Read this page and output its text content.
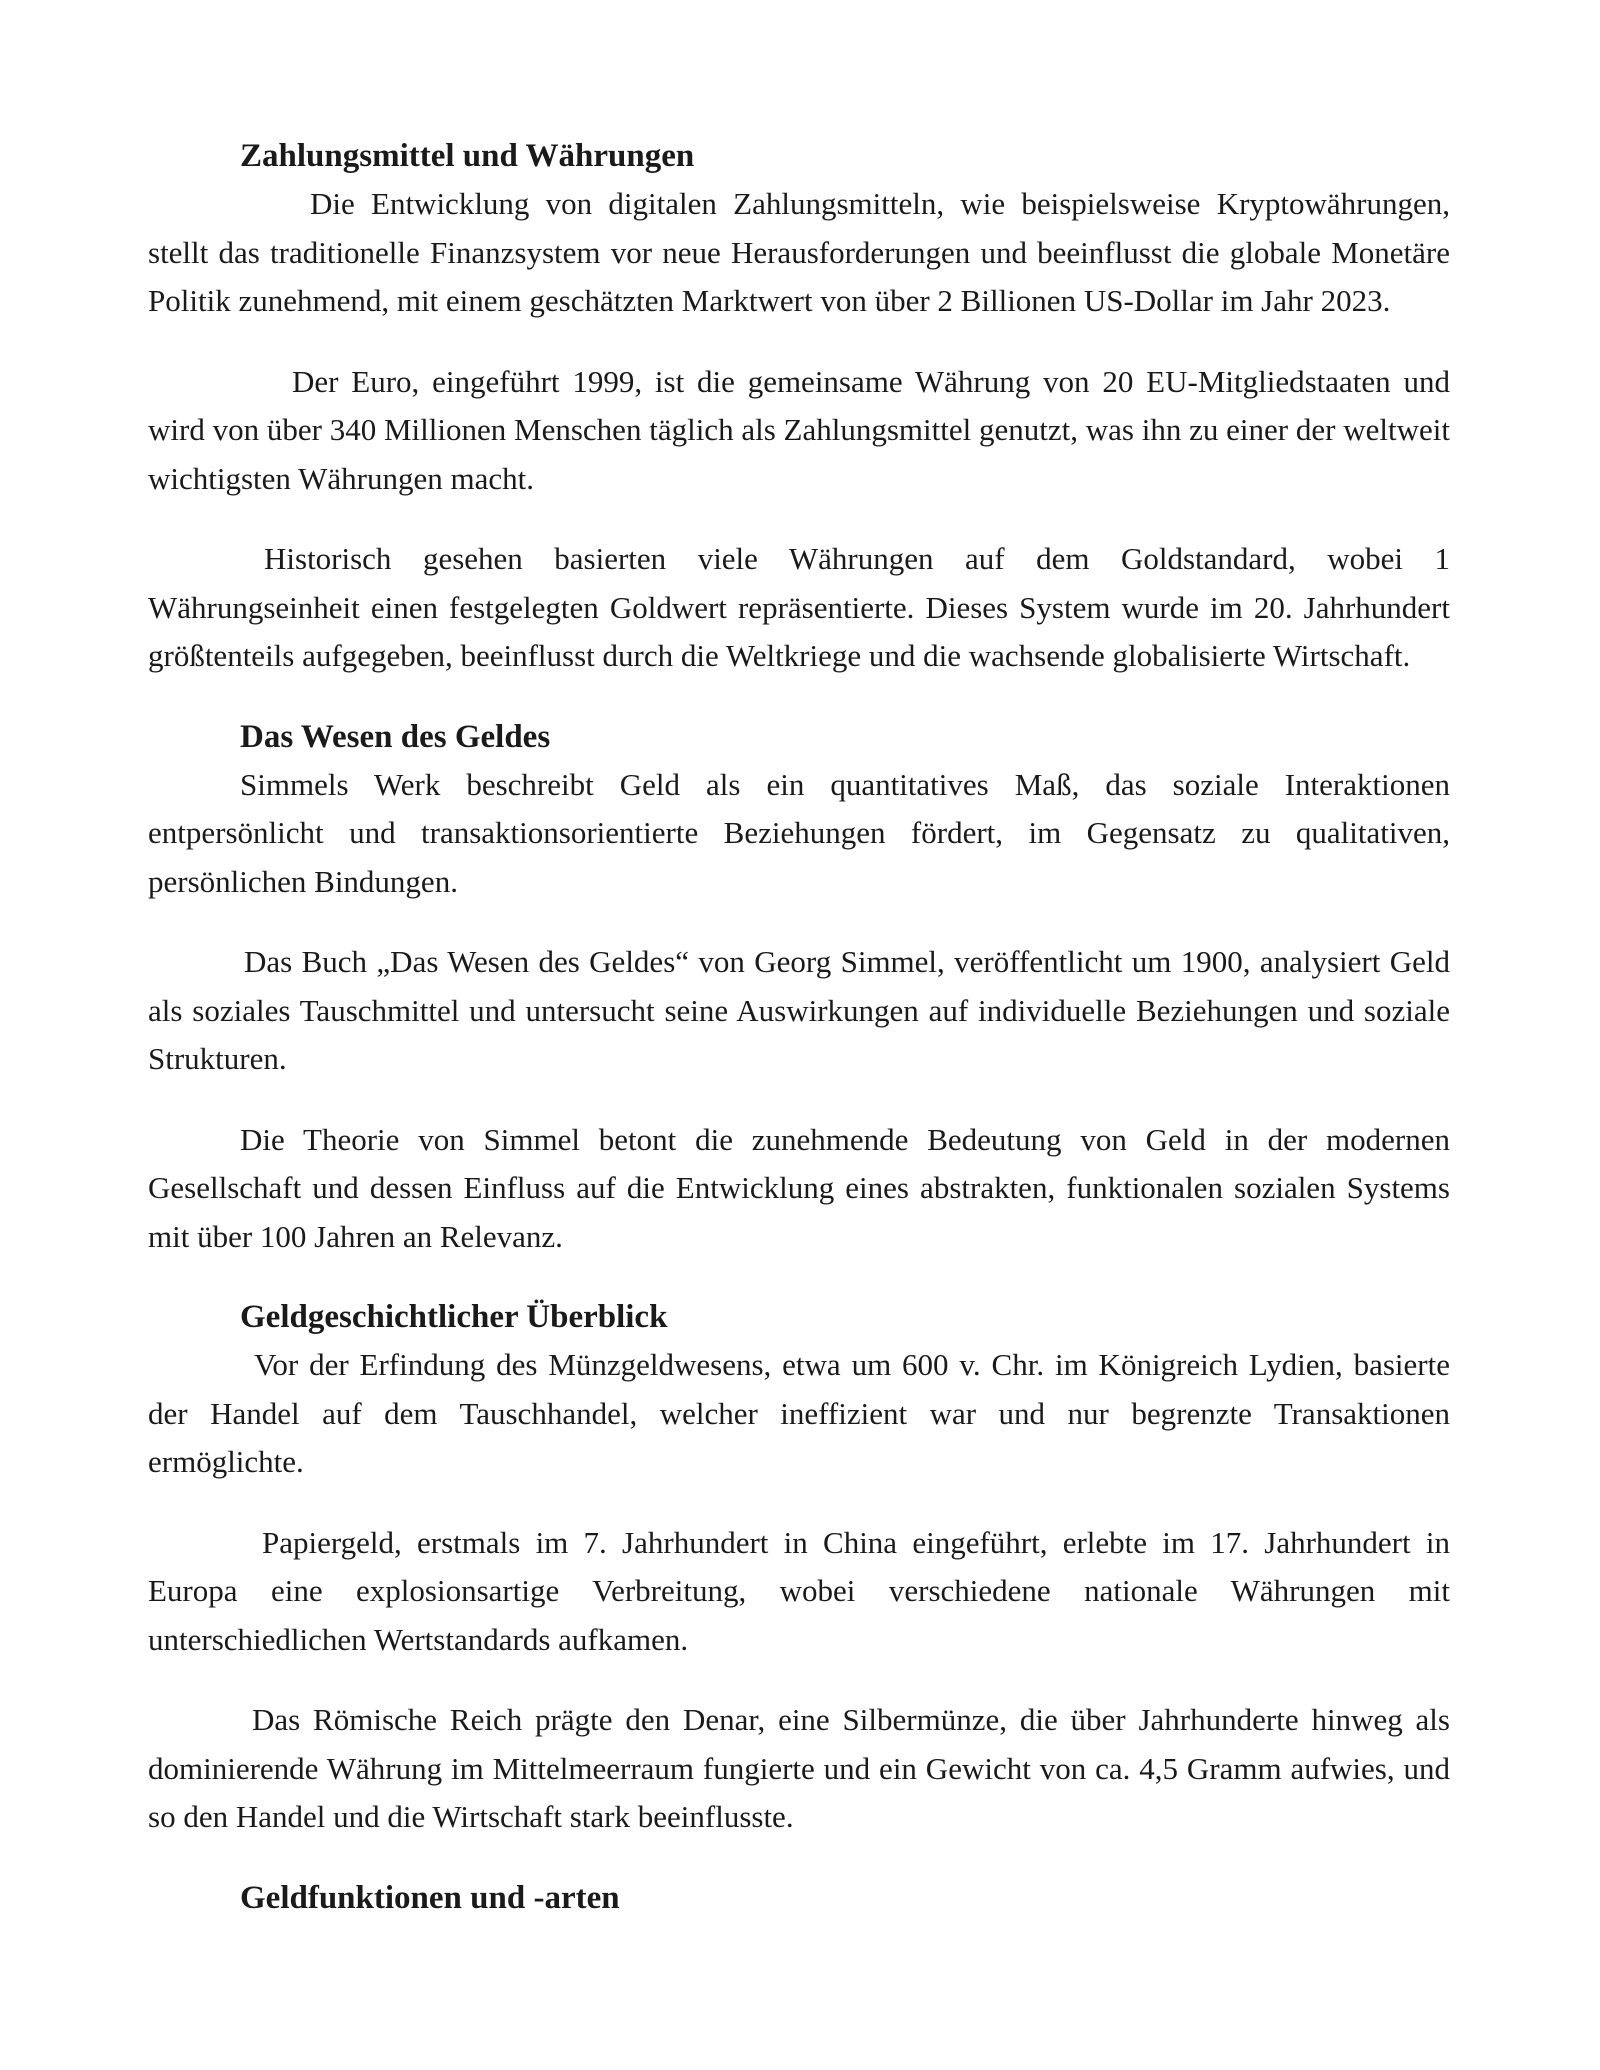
Zahlungsmittel und Währungen

Die Entwicklung von digitalen Zahlungsmitteln, wie beispielsweise Kryptowährungen, stellt das traditionelle Finanzsystem vor neue Herausforderungen und beeinflusst die globale Monetäre Politik zunehmend, mit einem geschätzten Marktwert von über 2 Billionen US-Dollar im Jahr 2023.

Der Euro, eingeführt 1999, ist die gemeinsame Währung von 20 EU-Mitgliedstaaten und wird von über 340 Millionen Menschen täglich als Zahlungsmittel genutzt, was ihn zu einer der weltweit wichtigsten Währungen macht.

Historisch gesehen basierten viele Währungen auf dem Goldstandard, wobei 1 Währungseinheit einen festgelegten Goldwert repräsentierte. Dieses System wurde im 20. Jahrhundert größtenteils aufgegeben, beeinflusst durch die Weltkriege und die wachsende globalisierte Wirtschaft.

Das Wesen des Geldes

Simmels Werk beschreibt Geld als ein quantitatives Maß, das soziale Interaktionen entpersönlicht und transaktionsorientierte Beziehungen fördert, im Gegensatz zu qualitativen, persönlichen Bindungen.

Das Buch „Das Wesen des Geldes“ von Georg Simmel, veröffentlicht um 1900, analysiert Geld als soziales Tauschmittel und untersucht seine Auswirkungen auf individuelle Beziehungen und soziale Strukturen.

Die Theorie von Simmel betont die zunehmende Bedeutung von Geld in der modernen Gesellschaft und dessen Einfluss auf die Entwicklung eines abstrakten, funktionalen sozialen Systems mit über 100 Jahren an Relevanz.

Geldgeschichtlicher Überblick

Vor der Erfindung des Münzgeldwesens, etwa um 600 v. Chr. im Königreich Lydien, basierte der Handel auf dem Tauschhandel, welcher ineffizient war und nur begrenzte Transaktionen ermöglichte.

Papiergeld, erstmals im 7. Jahrhundert in China eingeführt, erlebte im 17. Jahrhundert in Europa eine explosionsartige Verbreitung, wobei verschiedene nationale Währungen mit unterschiedlichen Wertstandards aufkamen.

Das Römische Reich prägte den Denar, eine Silbermünze, die über Jahrhunderte hinweg als dominierende Währung im Mittelmeerraum fungierte und ein Gewicht von ca. 4,5 Gramm aufwies, und so den Handel und die Wirtschaft stark beeinflusste.

Geldfunktionen und -arten
